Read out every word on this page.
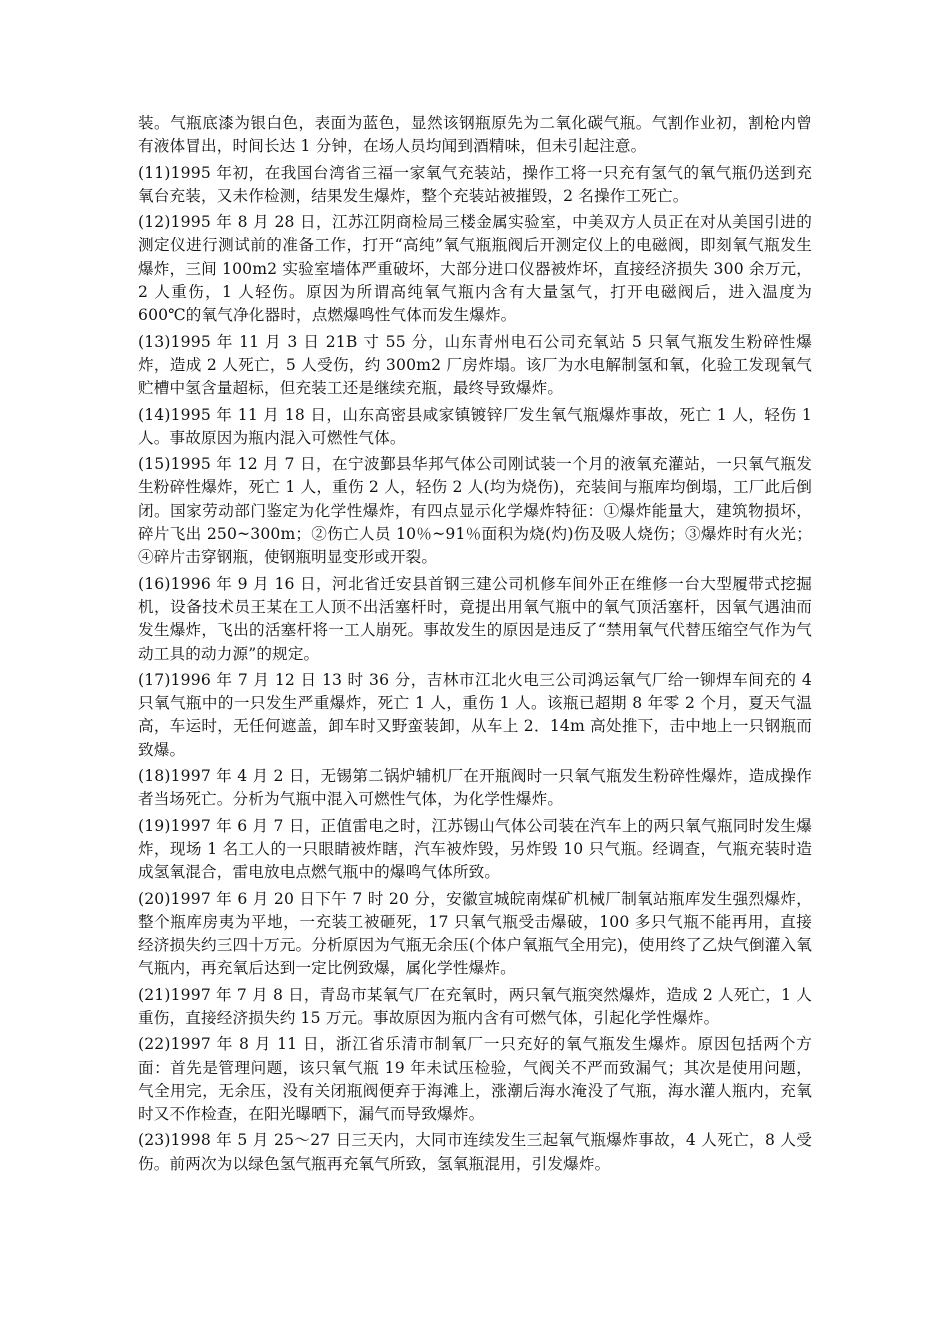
装。气瓶底漆为银白色，表面为蓝色，显然该钢瓶原先为二氧化碳气瓶。气割作业初，割枪内曾有液体冒出，时间长达 1 分钟，在场人员均闻到酒精味，但未引起注意。

(11)1995 年初，在我国台湾省三福一家氧气充装站，操作工将一只充有氢气的氧气瓶仍送到充氧台充装，又未作检测，结果发生爆炸，整个充装站被摧毁，2 名操作工死亡。

(12)1995 年 8 月 28 日，江苏江阴商检局三楼金属实验室，中美双方人员正在对从美国引进的测定仪进行测试前的准备工作，打开“高纯”氧气瓶瓶阀后开测定仪上的电磁阀，即刻氧气瓶发生爆炸，三间 100m2 实验室墙体严重破坏，大部分进口仪器被炸坏，直接经济损失 300 余万元，2 人重伤，1 人轻伤。原因为所谓高纯氧气瓶内含有大量氢气，打开电磁阀后，进入温度为 600℃的氧气净化器时，点燃爆鸣性气体而发生爆炸。

(13)1995 年 11 月 3 日 21B 寸 55 分，山东青州电石公司充氧站 5 只氧气瓶发生粉碎性爆炸，造成 2 人死亡，5 人受伤，约 300m2 厂房炸塌。该厂为水电解制氢和氧，化验工发现氧气贮槽中氢含量超标，但充装工还是继续充瓶，最终导致爆炸。

(14)1995 年 11 月 18 日，山东高密县咸家镇镀锌厂发生氧气瓶爆炸事故，死亡 1 人，轻伤 1 人。事故原因为瓶内混入可燃性气体。

(15)1995 年 12 月 7 日，在宁波鄞县华邦气体公司刚试装一个月的液氧充灌站，一只氧气瓶发生粉碎性爆炸，死亡 1 人，重伤 2 人，轻伤 2 人(均为烧伤)，充装间与瓶库均倒塌，工厂此后倒闭。国家劳动部门鉴定为化学性爆炸，有四点显示化学爆炸特征：①爆炸能量大，建筑物损坏，碎片飞出 250~300m；②伤亡人员 10％~91％面积为烧(灼)伤及吸人烧伤；③爆炸时有火光；④碎片击穿钢瓶，使钢瓶明显变形或开裂。

(16)1996 年 9 月 16 日，河北省迁安县首钢三建公司机修车间外正在维修一台大型履带式挖掘机，设备技术员王某在工人顶不出活塞杆时，竟提出用氧气瓶中的氧气顶活塞杆，因氧气遇油而发生爆炸，飞出的活塞杆将一工人崩死。事故发生的原因是违反了“禁用氧气代替压缩空气作为气动工具的动力源”的规定。

(17)1996 年 7 月 12 日 13 时 36 分，吉林市江北火电三公司鸿运氧气厂给一铆焊车间充的 4 只氧气瓶中的一只发生严重爆炸，死亡 1 人，重伤 1 人。该瓶已超期 8 年零 2 个月，夏天气温高，车运时，无任何遮盖，卸车时又野蛮装卸，从车上 2．14m 高处推下，击中地上一只钢瓶而致爆。

(18)1997 年 4 月 2 日，无锡第二锅炉辅机厂在开瓶阀时一只氧气瓶发生粉碎性爆炸，造成操作者当场死亡。分析为气瓶中混入可燃性气体，为化学性爆炸。

(19)1997 年 6 月 7 日，正值雷电之时，江苏锡山气体公司装在汽车上的两只氧气瓶同时发生爆炸，现场 1 名工人的一只眼睛被炸瞎，汽车被炸毁，另炸毁 10 只气瓶。经调查，气瓶充装时造成氢氧混合，雷电放电点燃气瓶中的爆鸣气体所致。

(20)1997 年 6 月 20 日下午 7 时 20 分，安徽宣城皖南煤矿机械厂制氧站瓶库发生强烈爆炸，整个瓶库房夷为平地，一充装工被砸死，17 只氧气瓶受击爆破，100 多只气瓶不能再用，直接经济损失约三四十万元。分析原因为气瓶无余压(个体户氧瓶气全用完)，使用终了乙炔气倒灌入氧气瓶内，再充氧后达到一定比例致爆，属化学性爆炸。

(21)1997 年 7 月 8 日，青岛市某氧气厂在充氧时，两只氧气瓶突然爆炸，造成 2 人死亡，1 人重伤，直接经济损失约 15 万元。事故原因为瓶内含有可燃气体，引起化学性爆炸。

(22)1997 年 8 月 11 日，浙江省乐清市制氧厂一只充好的氧气瓶发生爆炸。原因包括两个方面：首先是管理问题，该只氧气瓶 19 年未试压检验，气阀关不严而致漏气；其次是使用问题，气全用完，无余压，没有关闭瓶阀便弃于海滩上，涨潮后海水淹没了气瓶，海水灌人瓶内，充氧时又不作检查，在阳光曝晒下，漏气而导致爆炸。

(23)1998 年 5 月 25～27 日三天内，大同市连续发生三起氧气瓶爆炸事故，4 人死亡，8 人受伤。前两次为以绿色氢气瓶再充氧气所致，氢氧瓶混用，引发爆炸。
